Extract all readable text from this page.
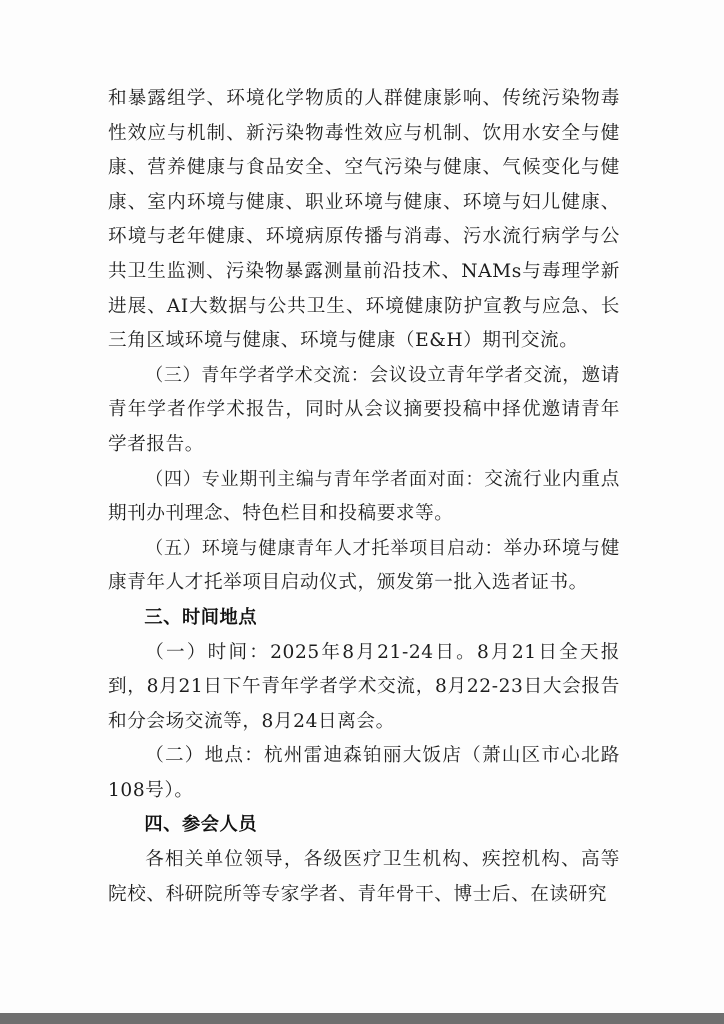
和暴露组学、环境化学物质的人群健康影响、传统污染物毒性效应与机制、新污染物毒性效应与机制、饮用水安全与健康、营养健康与食品安全、空气污染与健康、气候变化与健康、室内环境与健康、职业环境与健康、环境与妇儿健康、环境与老年健康、环境病原传播与消毒、污水流行病学与公共卫生监测、污染物暴露测量前沿技术、NAMs与毒理学新进展、AI大数据与公共卫生、环境健康防护宣教与应急、长三角区域环境与健康、环境与健康（E&H）期刊交流。

（三）青年学者学术交流：会议设立青年学者交流，邀请青年学者作学术报告，同时从会议摘要投稿中择优邀请青年学者报告。

（四）专业期刊主编与青年学者面对面：交流行业内重点期刊办刊理念、特色栏目和投稿要求等。

（五）环境与健康青年人才托举项目启动：举办环境与健康青年人才托举项目启动仪式，颁发第一批入选者证书。

三、时间地点

（一）时间：2025年8月21-24日。8月21日全天报到，8月21日下午青年学者学术交流，8月22-23日大会报告和分会场交流等，8月24日离会。

（二）地点：杭州雷迪森铂丽大饭店（萧山区市心北路108号）。

四、参会人员

各相关单位领导，各级医疗卫生机构、疾控机构、高等院校、科研院所等专家学者、青年骨干、博士后、在读研究
